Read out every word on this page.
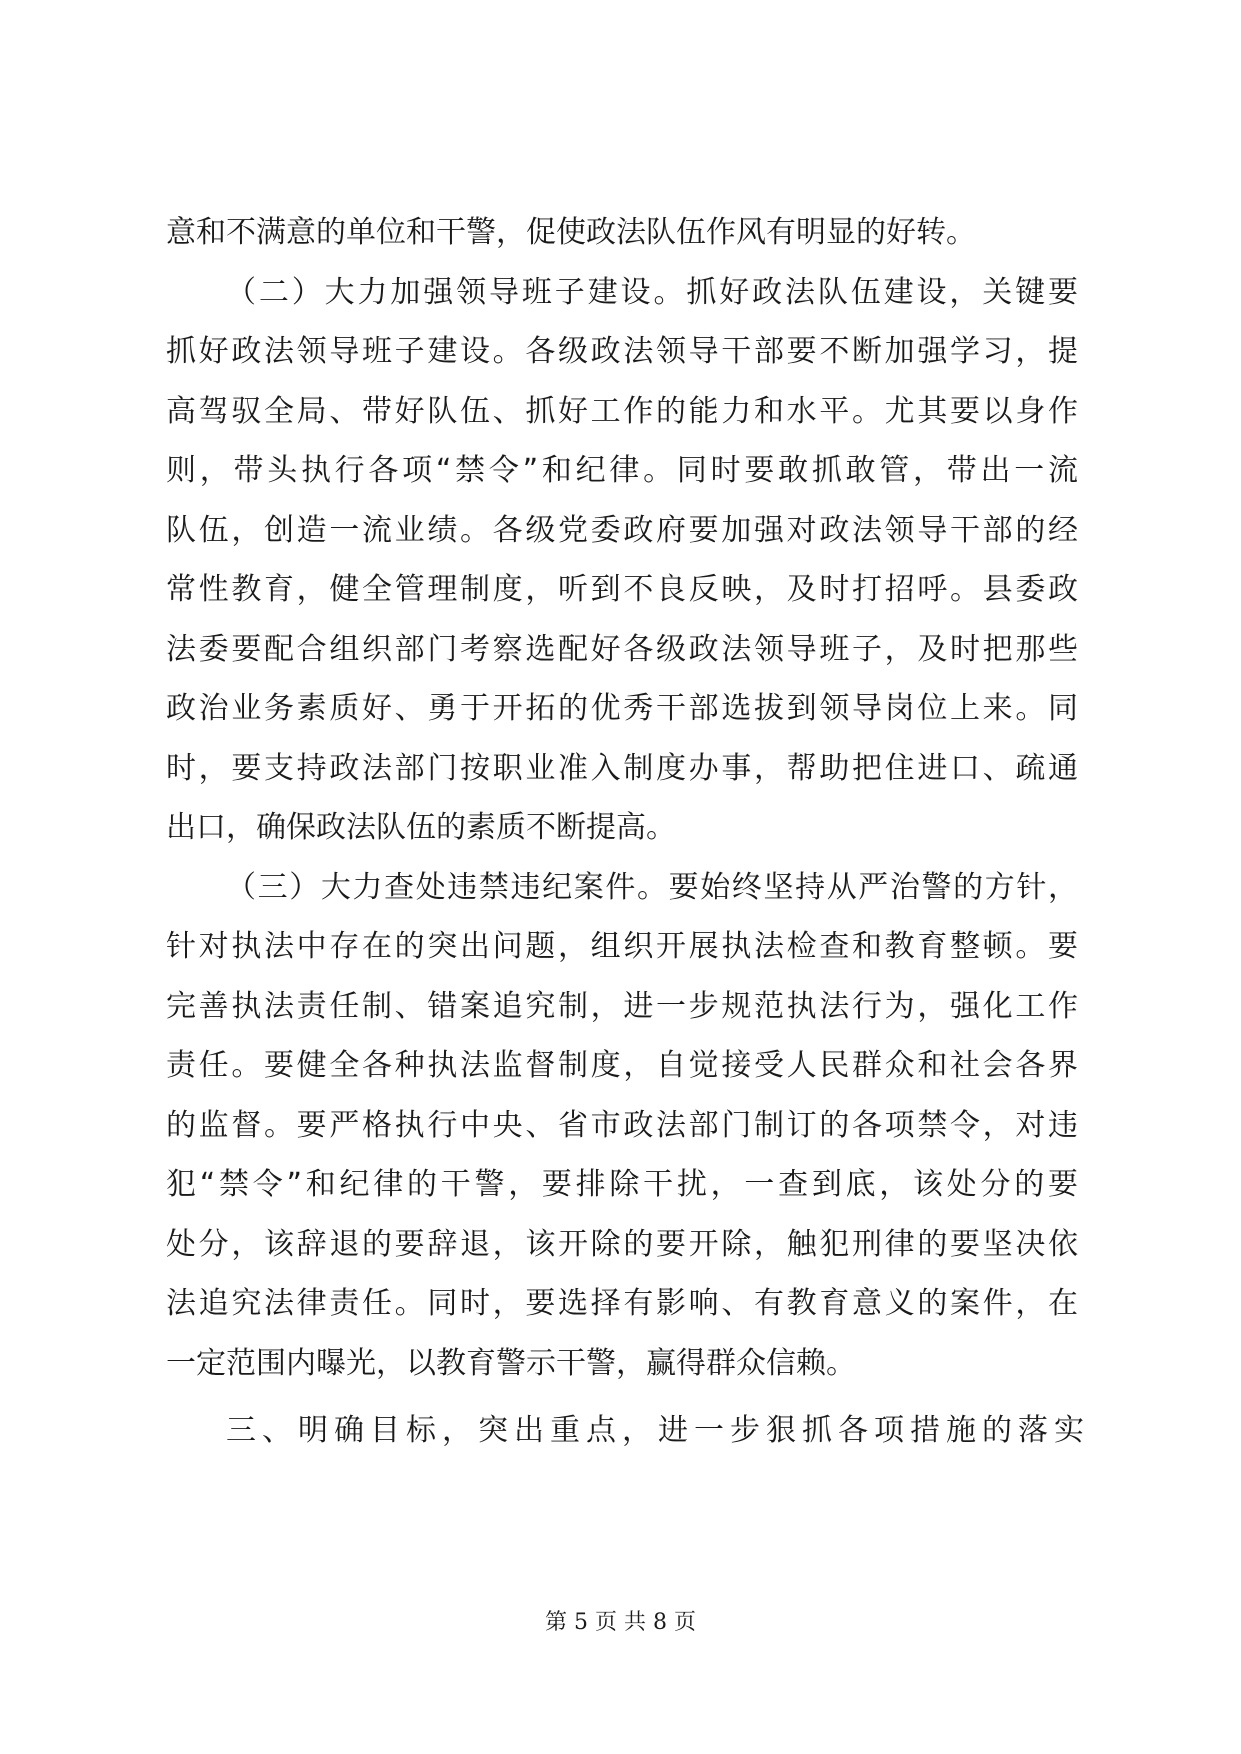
意和不满意的单位和干警，促使政法队伍作风有明显的好转。
（二）大力加强领导班子建设。抓好政法队伍建设，关键要
抓好政法领导班子建设。各级政法领导干部要不断加强学习，提
高驾驭全局、带好队伍、抓好工作的能力和水平。尤其要以身作
则，带头执行各项“禁令”和纪律。同时要敢抓敢管，带出一流
队伍，创造一流业绩。各级党委政府要加强对政法领导干部的经
常性教育，健全管理制度，听到不良反映，及时打招呼。县委政
法委要配合组织部门考察选配好各级政法领导班子，及时把那些
政治业务素质好、勇于开拓的优秀干部选拔到领导岗位上来。同
时，要支持政法部门按职业准入制度办事，帮助把住进口、疏通
出口，确保政法队伍的素质不断提高。
（三）大力查处违禁违纪案件。要始终坚持从严治警的方针，
针对执法中存在的突出问题，组织开展执法检查和教育整顿。要
完善执法责任制、错案追究制，进一步规范执法行为，强化工作
责任。要健全各种执法监督制度，自觉接受人民群众和社会各界
的监督。要严格执行中央、省市政法部门制订的各项禁令，对违
犯“禁令”和纪律的干警，要排除干扰，一查到底，该处分的要
处分，该辞退的要辞退，该开除的要开除，触犯刑律的要坚决依
法追究法律责任。同时，要选择有影响、有教育意义的案件，在
一定范围内曝光，以教育警示干警，赢得群众信赖。
三、明确目标，突出重点，进一步狠抓各项措施的落实
第 5 页 共 8 页
